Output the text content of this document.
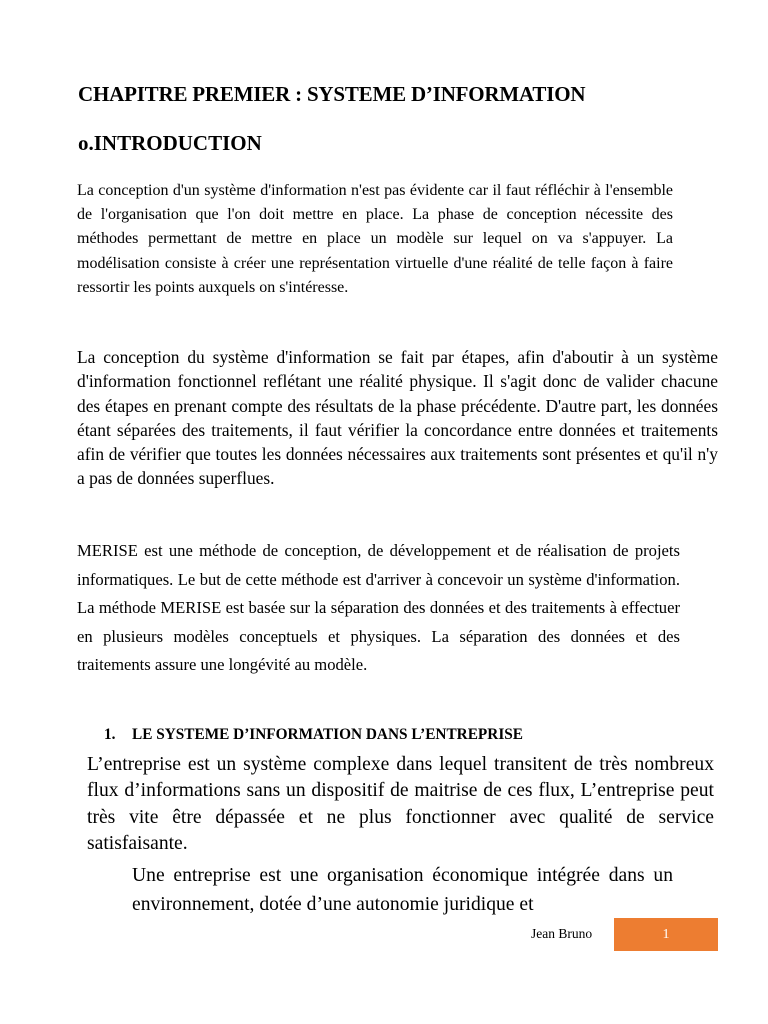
CHAPITRE PREMIER : SYSTEME D’INFORMATION
o.INTRODUCTION

La conception d'un système d'information n'est pas évidente car il faut réfléchir à l'ensemble de l'organisation que l'on doit mettre en place. La phase de conception nécessite des méthodes permettant de mettre en place un modèle sur lequel on va s'appuyer. La modélisation consiste à créer une représentation virtuelle d'une réalité de telle façon à faire ressortir les points auxquels on s'intéresse.

La conception du système d'information se fait par étapes, afin d'aboutir à un système d'information fonctionnel reflétant une réalité physique. Il s'agit donc de valider chacune des étapes en prenant compte des résultats de la phase précédente. D'autre part, les données étant séparées des traitements, il faut vérifier la concordance entre données et traitements afin de vérifier que toutes les données nécessaires aux traitements sont présentes et qu'il n'y a pas de données superflues.

MERISE est une méthode de conception, de développement et de réalisation de projets informatiques. Le but de cette méthode est d'arriver à concevoir un système d'information. La méthode MERISE est basée sur la séparation des données et des traitements à effectuer en plusieurs modèles conceptuels et physiques. La séparation des données et des traitements assure une longévité au modèle.

1. LE SYSTEME D’INFORMATION DANS L’ENTREPRISE

L’entreprise est un système complexe dans lequel transitent de très nombreux flux d’informations sans un dispositif de maitrise de ces flux, L’entreprise peut très vite être dépassée et ne plus fonctionner avec qualité de service satisfaisante.

Une entreprise est une organisation économique intégrée dans un environnement, dotée d’une autonomie juridique et

Jean Bruno	1
